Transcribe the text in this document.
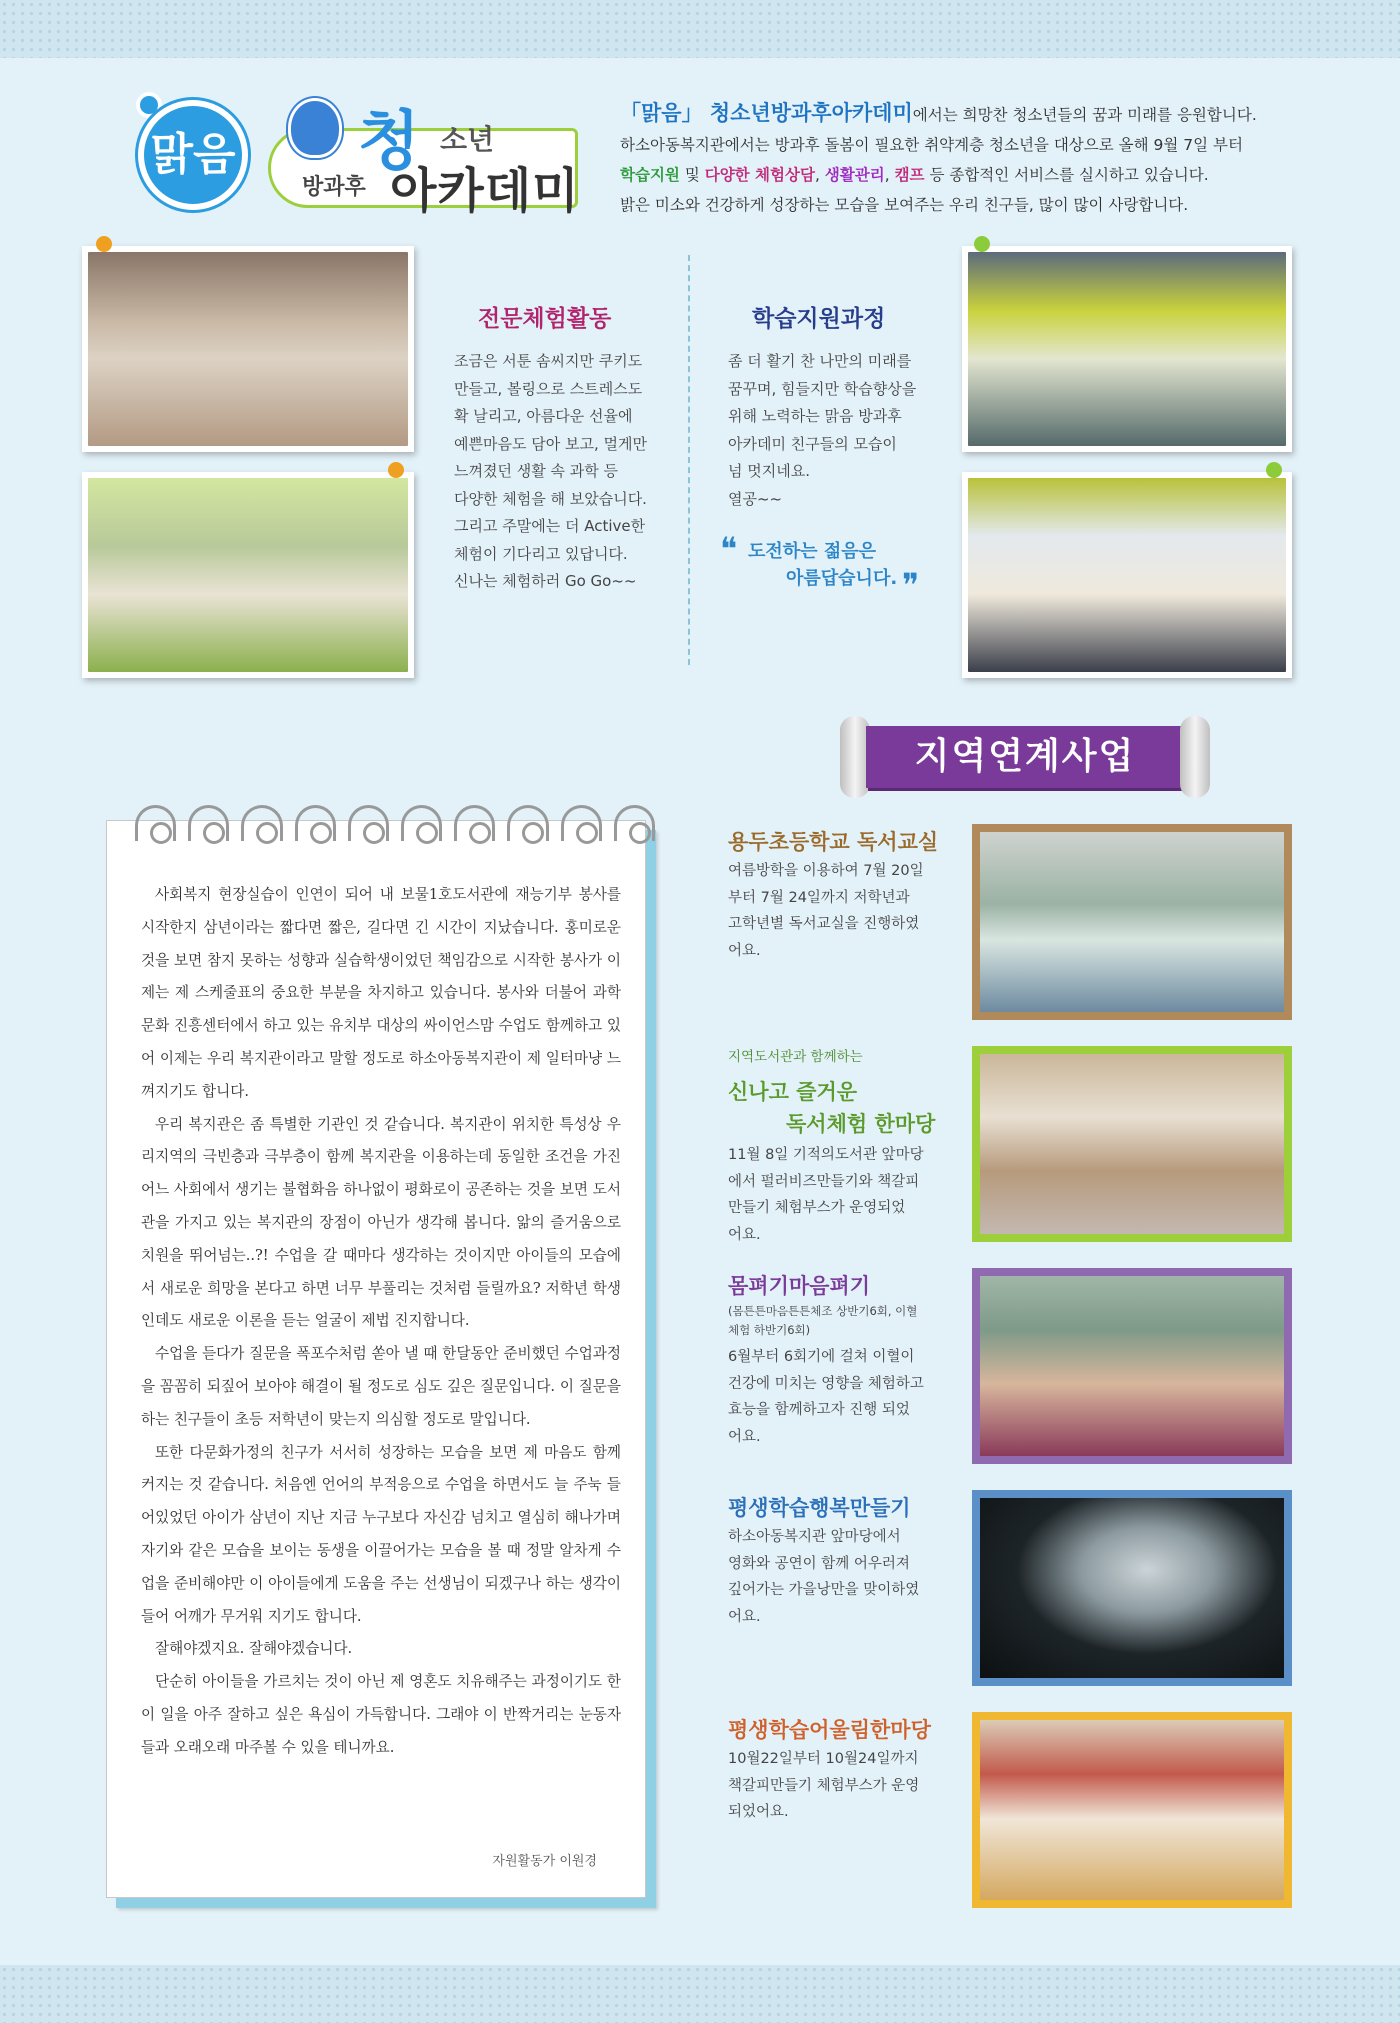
맑음 청 소년
방과후 아카데미
「맑음」 청소년방과후아카데미에서는 희망찬 청소년들의 꿈과 미래를 응원합니다.
하소아동복지관에서는 방과후 돌봄이 필요한 취약계층 청소년을 대상으로 올해 9월 7일 부터
학습지원 및 다양한 체험상담, 생활관리, 캠프 등 종합적인 서비스를 실시하고 있습니다.
밝은 미소와 건강하게 성장하는 모습을 보여주는 우리 친구들, 많이 많이 사랑합니다.
전문체험활동
조금은 서툰 솜씨지만 쿠키도
만들고, 볼링으로 스트레스도
확 날리고, 아름다운 선율에
예쁜마음도 담아 보고, 멀게만
느껴졌던 생활 속 과학 등
다양한 체험을 해 보았습니다.
그리고 주말에는 더 Active한
체험이 기다리고 있답니다.
신나는 체험하러 Go Go~~
학습지원과정
좀 더 활기 찬 나만의 미래를
꿈꾸며, 힘들지만 학습향상을
위해 노력하는 맑음 방과후
아카데미 친구들의 모습이
넘 멋지네요.
열공~~
❝ 도전하는 젊음은
아름답습니다. ❞
지역연계사업

사회복지 현장실습이 인연이 되어 내 보물1호도서관에 재능기부 봉사를 시작한지 삼년이라는 짧다면 짧은, 길다면 긴 시간이 지났습니다. 홍미로운 것을 보면 참지 못하는 성향과 실습학생이었던 책임감으로 시작한 봉사가 이제는 제 스케줄표의 중요한 부분을 차지하고 있습니다. 봉사와 더불어 과학문화 진흥센터에서 하고 있는 유치부 대상의 싸이언스맘 수업도 함께하고 있어 이제는 우리 복지관이라고 말할 정도로 하소아동복지관이 제 일터마냥 느껴지기도 합니다.

우리 복지관은 좀 특별한 기관인 것 같습니다. 복지관이 위치한 특성상 우리지역의 극빈층과 극부층이 함께 복지관을 이용하는데 동일한 조건을 가진 어느 사회에서 생기는 불협화음 하나없이 평화로이 공존하는 것을 보면 도서관을 가지고 있는 복지관의 장점이 아닌가 생각해 봅니다. 앎의 즐거움으로 치원을 뛰어넘는..?! 수업을 갈 때마다 생각하는 것이지만 아이들의 모습에서 새로운 희망을 본다고 하면 너무 부풀리는 것처럼 들릴까요? 저학년 학생인데도 새로운 이론을 듣는 얼굴이 제법 진지합니다.

수업을 듣다가 질문을 폭포수처럼 쏟아 낼 때 한달동안 준비했던 수업과정을 꼼꼼히 되짚어 보아야 해결이 될 정도로 심도 깊은 질문입니다. 이 질문을 하는 친구들이 초등 저학년이 맞는지 의심할 정도로 말입니다.

또한 다문화가정의 친구가 서서히 성장하는 모습을 보면 제 마음도 함께 커지는 것 같습니다. 처음엔 언어의 부적응으로 수업을 하면서도 늘 주눅 들어있었던 아이가 삼년이 지난 지금 누구보다 자신감 넘치고 열심히 해나가며 자기와 같은 모습을 보이는 동생을 이끌어가는 모습을 볼 때 정말 알차게 수업을 준비해야만 이 아이들에게 도움을 주는 선생님이 되겠구나 하는 생각이 들어 어깨가 무거워 지기도 합니다.

잘해야겠지요. 잘해야겠습니다.

단순히 아이들을 가르치는 것이 아닌 제 영혼도 치유해주는 과정이기도 한 이 일을 아주 잘하고 싶은 욕심이 가득합니다. 그래야 이 반짝거리는 눈동자들과 오래오래 마주볼 수 있을 테니까요.

자원활동가 이원경
용두초등학교 독서교실
여름방학을 이용하여 7월 20일
부터 7월 24일까지 저학년과
고학년별 독서교실을 진행하였
어요.
지역도서관과 함께하는
신나고 즐거운
독서체험 한마당
11월 8일 기적의도서관 앞마당
에서 펄러비즈만들기와 책갈피
만들기 체험부스가 운영되었
어요.
몸펴기마음펴기
(몸튼튼마음튼튼체조 상반기6회, 이혈
체험 하반기6회)
6월부터 6회기에 걸쳐 이혈이
건강에 미치는 영향을 체험하고
효능을 함께하고자 진행 되었
어요.
평생학습행복만들기
하소아동복지관 앞마당에서
영화와 공연이 함께 어우러져
깊어가는 가을낭만을 맞이하였
어요.
평생학습어울림한마당
10월22일부터 10월24일까지
책갈피만들기 체험부스가 운영
되었어요.
